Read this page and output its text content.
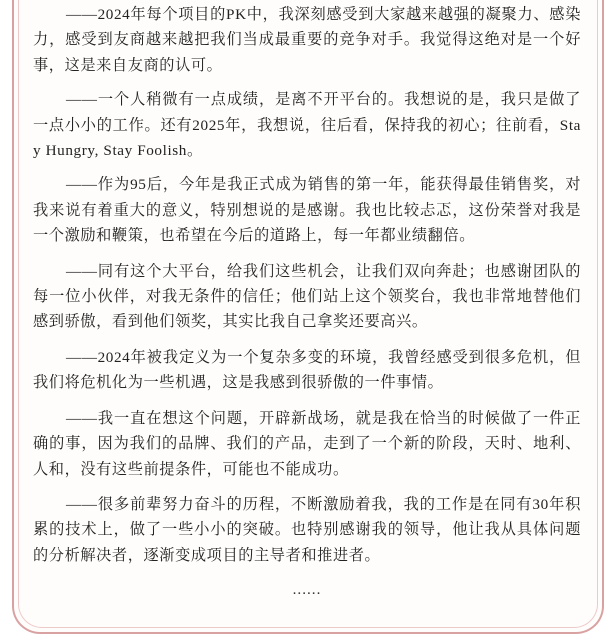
——2024年每个项目的PK中，我深刻感受到大家越来越强的凝聚力、感染力，感受到友商越来越把我们当成最重要的竞争对手。我觉得这绝对是一个好事，这是来自友商的认可。

——一个人稍微有一点成绩，是离不开平台的。我想说的是，我只是做了一点小小的工作。还有2025年，我想说，往后看，保持我的初心；往前看，Stay Hungry, Stay Foolish。

——作为95后，今年是我正式成为销售的第一年，能获得最佳销售奖，对我来说有着重大的意义，特别想说的是感谢。我也比较忐忑，这份荣誉对我是一个激励和鞭策，也希望在今后的道路上，每一年都业绩翻倍。

——同有这个大平台，给我们这些机会，让我们双向奔赴；也感谢团队的每一位小伙伴，对我无条件的信任；他们站上这个领奖台，我也非常地替他们感到骄傲，看到他们领奖，其实比我自己拿奖还要高兴。

——2024年被我定义为一个复杂多变的环境，我曾经感受到很多危机，但我们将危机化为一些机遇，这是我感到很骄傲的一件事情。

——我一直在想这个问题，开辟新战场，就是我在恰当的时候做了一件正确的事，因为我们的品牌、我们的产品，走到了一个新的阶段，天时、地利、人和，没有这些前提条件，可能也不能成功。

——很多前辈努力奋斗的历程，不断激励着我，我的工作是在同有30年积累的技术上，做了一些小小的突破。也特别感谢我的领导，他让我从具体问题的分析解决者，逐渐变成项目的主导者和推进者。

......
